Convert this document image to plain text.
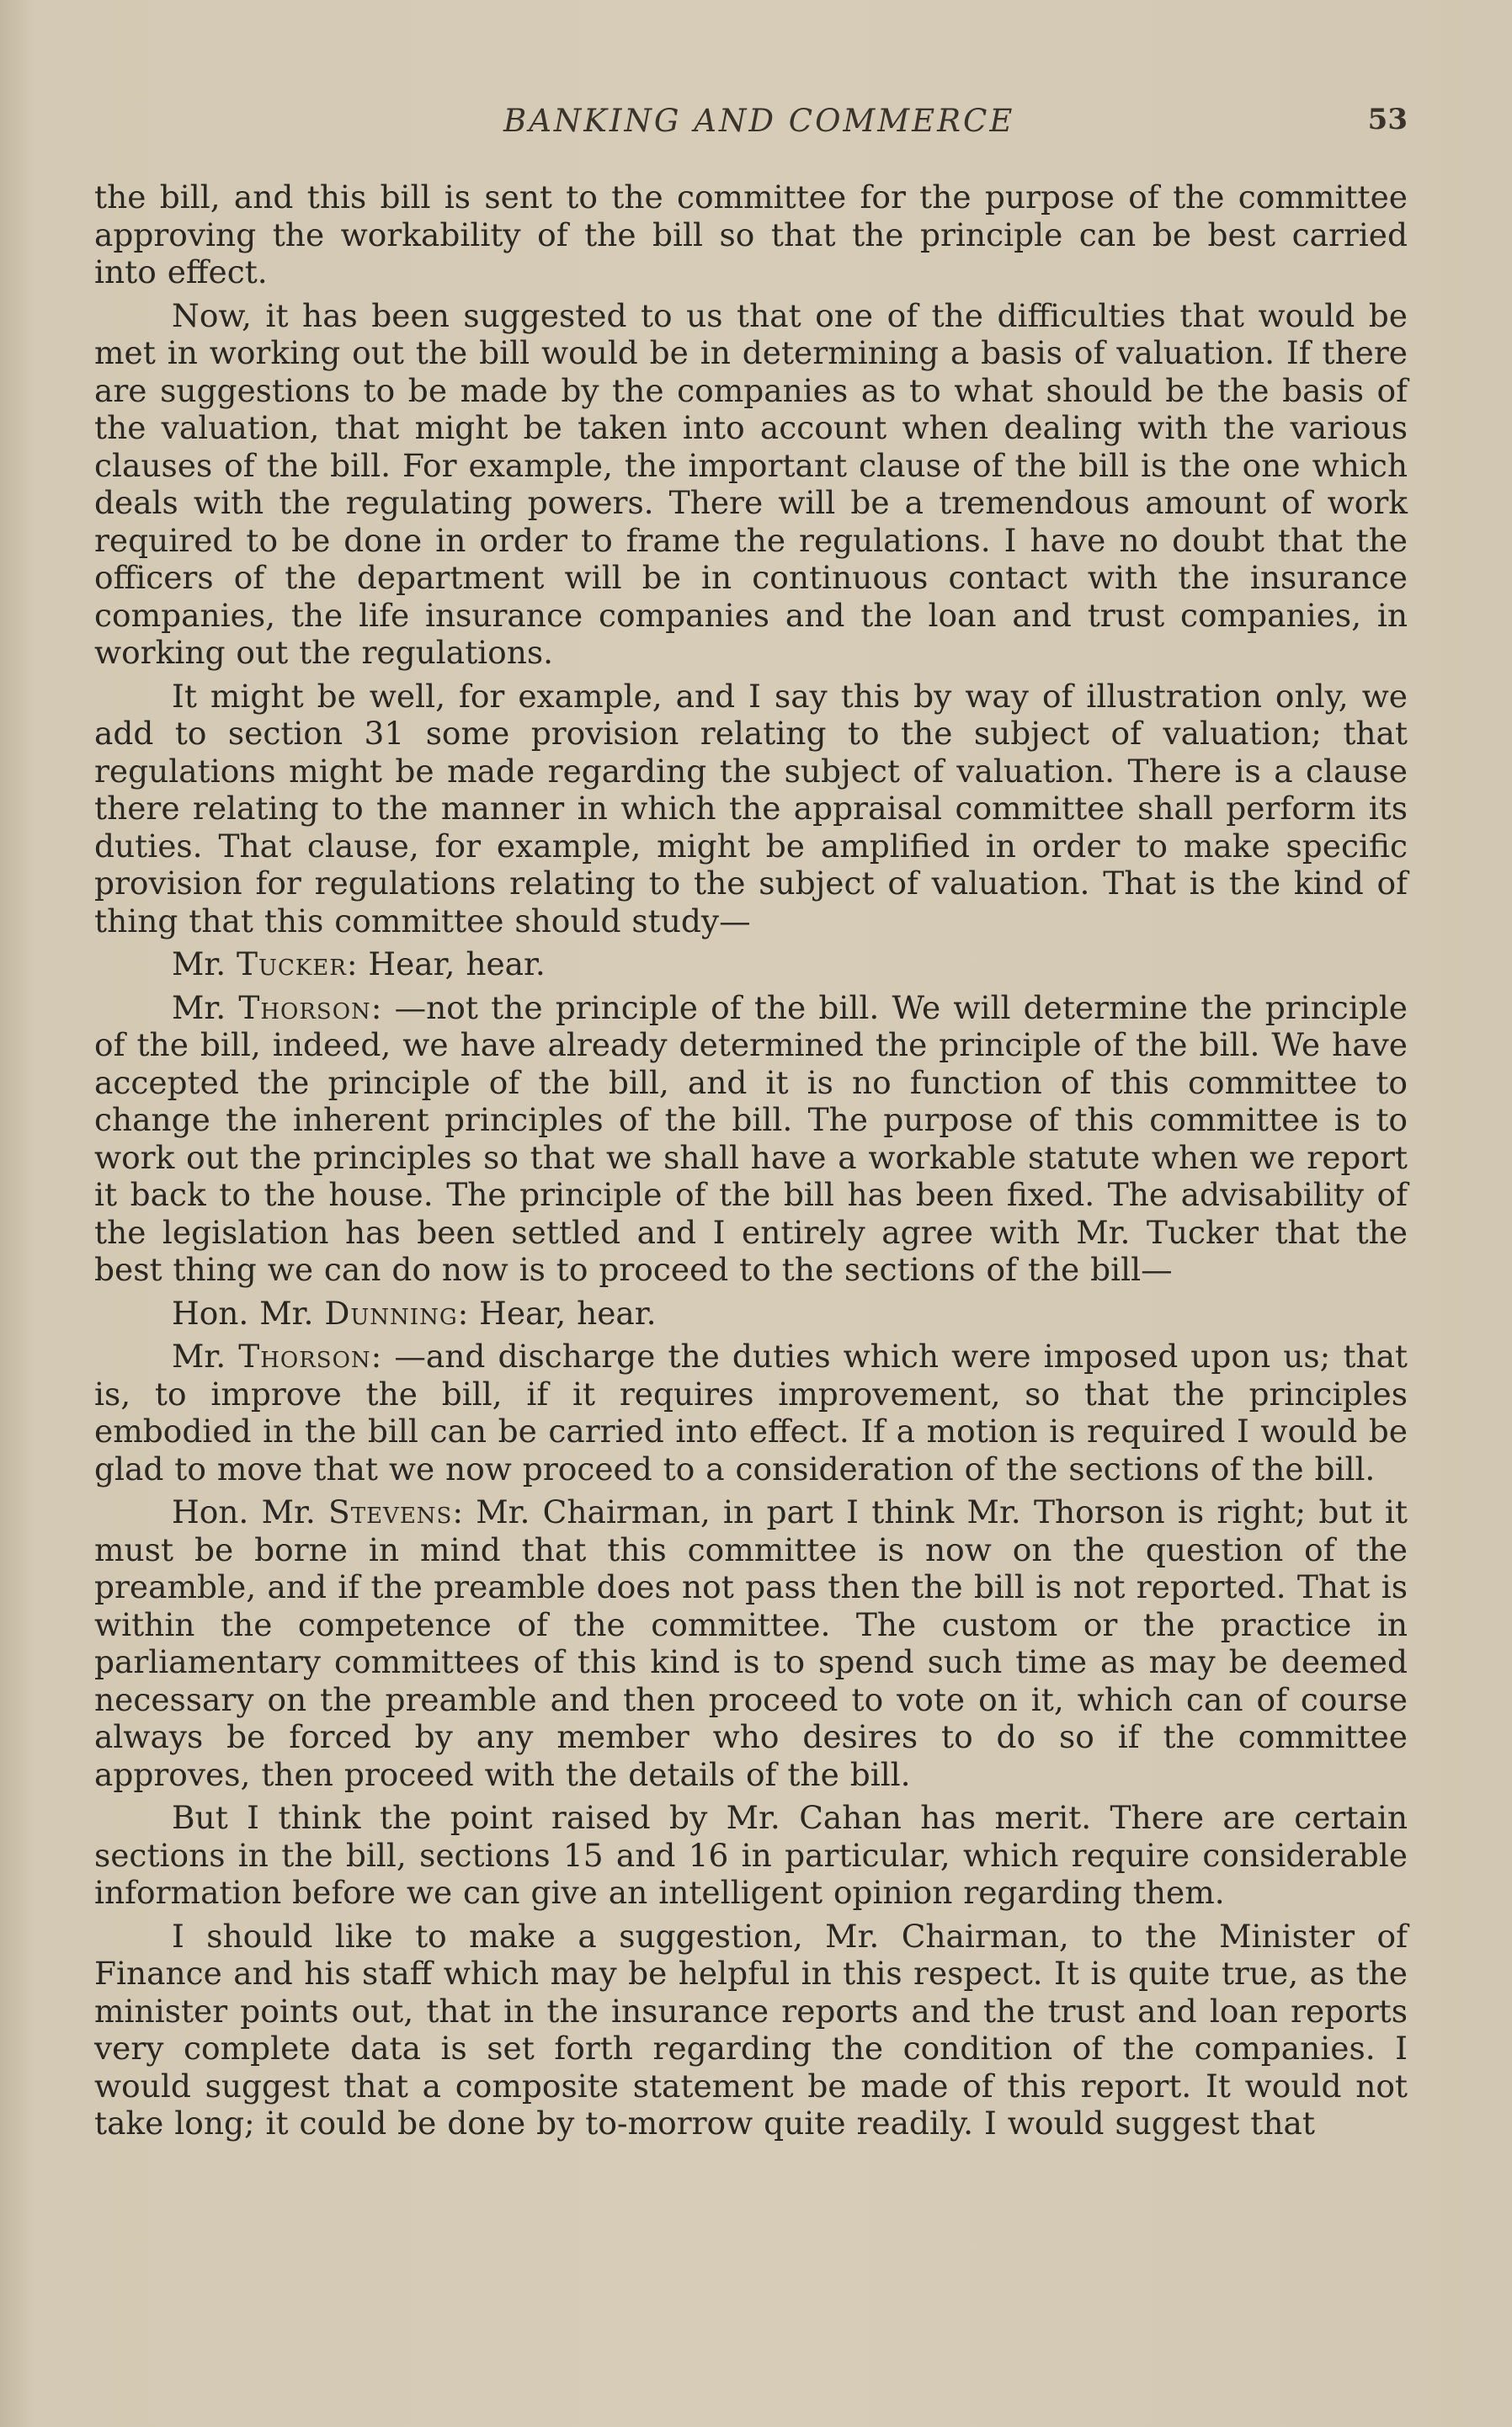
BANKING AND COMMERCE	53

the bill, and this bill is sent to the committee for the purpose of the committee approving the workability of the bill so that the principle can be best carried into effect.

Now, it has been suggested to us that one of the difficulties that would be met in working out the bill would be in determining a basis of valuation. If there are suggestions to be made by the companies as to what should be the basis of the valuation, that might be taken into account when dealing with the various clauses of the bill. For example, the important clause of the bill is the one which deals with the regulating powers. There will be a tremendous amount of work required to be done in order to frame the regulations. I have no doubt that the officers of the department will be in continuous contact with the insurance companies, the life insurance companies and the loan and trust companies, in working out the regulations.

It might be well, for example, and I say this by way of illustration only, we add to section 31 some provision relating to the subject of valuation; that regulations might be made regarding the subject of valuation. There is a clause there relating to the manner in which the appraisal committee shall perform its duties. That clause, for example, might be amplified in order to make specific provision for regulations relating to the subject of valuation. That is the kind of thing that this committee should study—

Mr. Tucker: Hear, hear.

Mr. Thorson: —not the principle of the bill. We will determine the principle of the bill, indeed, we have already determined the principle of the bill. We have accepted the principle of the bill, and it is no function of this committee to change the inherent principles of the bill. The purpose of this committee is to work out the principles so that we shall have a workable statute when we report it back to the house. The principle of the bill has been fixed. The advisability of the legislation has been settled and I entirely agree with Mr. Tucker that the best thing we can do now is to proceed to the sections of the bill—

Hon. Mr. Dunning: Hear, hear.

Mr. Thorson: —and discharge the duties which were imposed upon us; that is, to improve the bill, if it requires improvement, so that the principles embodied in the bill can be carried into effect. If a motion is required I would be glad to move that we now proceed to a consideration of the sections of the bill.

Hon. Mr. Stevens: Mr. Chairman, in part I think Mr. Thorson is right; but it must be borne in mind that this committee is now on the question of the preamble, and if the preamble does not pass then the bill is not reported. That is within the competence of the committee. The custom or the practice in parliamentary committees of this kind is to spend such time as may be deemed necessary on the preamble and then proceed to vote on it, which can of course always be forced by any member who desires to do so if the committee approves, then proceed with the details of the bill.

But I think the point raised by Mr. Cahan has merit. There are certain sections in the bill, sections 15 and 16 in particular, which require considerable information before we can give an intelligent opinion regarding them.

I should like to make a suggestion, Mr. Chairman, to the Minister of Finance and his staff which may be helpful in this respect. It is quite true, as the minister points out, that in the insurance reports and the trust and loan reports very complete data is set forth regarding the condition of the companies. I would suggest that a composite statement be made of this report. It would not take long; it could be done by to-morrow quite readily. I would suggest that
